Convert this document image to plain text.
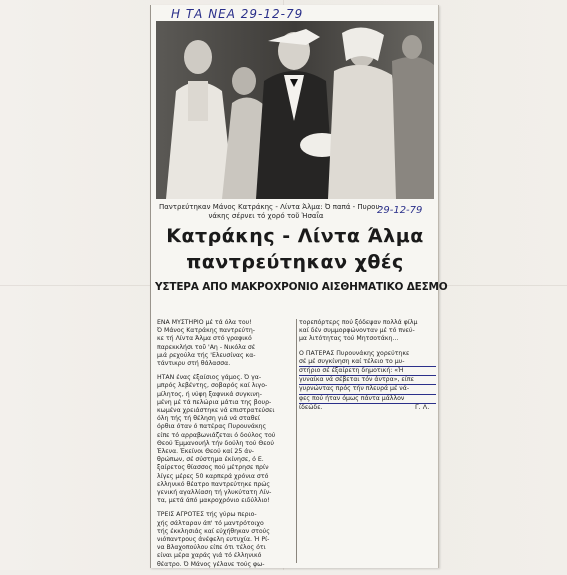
Η ΤΑ ΝΕΑ 29-12-79
Παντρεύτηκαν Μάνος Κατράκης - Λίντα Άλμα: Ό παπά - Πυρου-
νάκης σέρνει τό χορό τοῦ Ἠσαΐα	29-12-79
Κατράκης - Λίντα Άλμα
παντρεύτηκαν χθές
ΥΣΤΕΡΑ ΑΠΟ ΜΑΚΡΟΧΡΟΝΙΟ ΑΙΣΘΗΜΑΤΙΚΟ ΔΕΣΜΟ

ΕΝΑ ΜΥΣΤΗΡΙΟ μέ τά όλα του!
Ό Μάνος Κατράκης παντρεύτη-
κε τή Λίντα Άλμα στό γραφικό
παρεκκλήσι τοῦ 'Αη - Νικόλα σέ
μιά ρεχούλα τής 'Ελευσίνας κα-
τάντικρυ στή θάλασσα.

ΗΤΑΝ ένας έξαίσιος γάμος. Ό γα-
μπρός λεβέντης, σοβαρός καί λιγο-
μίλητος, ή νύφη ξαφνικά συγκινη-
μένη μέ τά πελώρια μάτια της βουρ-
κωμένα χρειάστηκε νά επιστρατεύσει
όλη τής τή θέληση γιά νά σταθεί
όρθια όταν ό πατέρας Πυρουνάκης
είπε τό αρραβωνιάζεται ό δούλος τού
Θεού Έμμανουήλ τήν δούλη τού Θεού
Έλενα. Έκείνοι Θεού καί 25 άν-
θρώπων, σέ σύστημα έκίνησε, ό Ε.
ξαίρετος θίασσος πού μέτρησε πρίν
λίγες μέρες 50 καρπερά χρόνια στό
ελληνικό θέατρο παντρεύτηκε πρώς
γενική αγαλλίαση τή γλυκύτατη Λίν-
τα, μετά άπό μακροχρόνιο ειδύλλιο!

ΤΡΕΙΣ ΑΓΡΟΤΕΣ τής γύρω περιο-
χής σάλταραν άπ' τό μαντρότοιχο
τής έκκλησιάς καί εύχήθηκαν στούς
νιόπαντρους άνέφελη ευτυχία. Ή Ρί-
να Βλαχοπούλου είπε ότι τέλος ότι
είναι μέρα χαράς γιά τό έλληνικό
θέατρο. Ό Μάνος γέλανε τούς φω-

τορεπόρτερς πού ξόδεψαν πολλά φίλμ
καί δέν συμμορφώνονταν μέ τό πνεύ-
μα λιτότητας τού Μητσοτάκη...

Ο ΠΑΤΕΡΑΣ Πυρουνάκης χορεύτηκε
σέ μέ συγκίνηση καί τέλειο το μυ-
στήριο σέ έξαίρετη δημοτική: «Ή
γυναίκα νά σέβεται τόν άντρα», είπε
γυρνώντας πρός τήν πλευρά μέ νά-
φες πού ήταν όμως πάντα μάλλον
ίδεώδε.	Γ. Λ.
